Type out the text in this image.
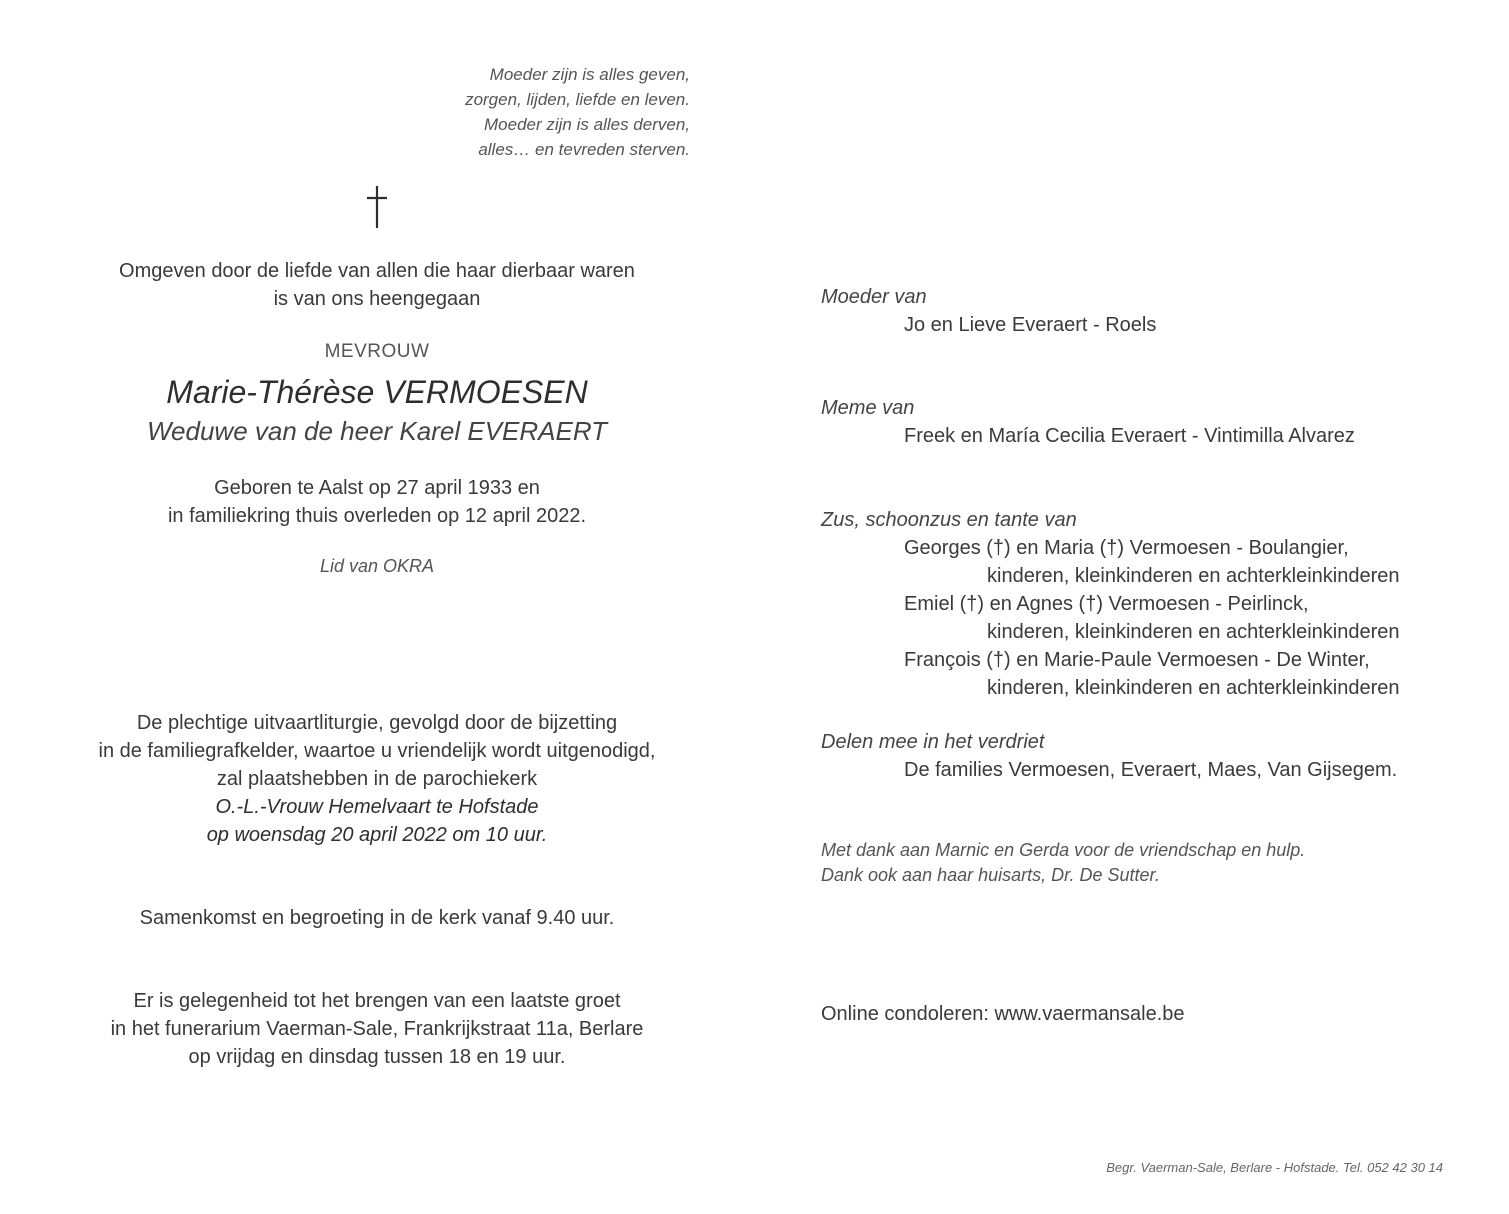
Moeder zijn is alles geven,
zorgen, lijden, liefde en leven.
Moeder zijn is alles derven,
alles… en tevreden sterven.
Omgeven door de liefde van allen die haar dierbaar waren
is van ons heengegaan
MEVROUW
Marie-Thérèse VERMOESEN
Weduwe van de heer Karel EVERAERT
Geboren te Aalst op 27 april 1933 en
in familiekring thuis overleden op 12 april 2022.
Lid van OKRA
De plechtige uitvaartliturgie, gevolgd door de bijzetting
in de familiegrafkelder, waartoe u vriendelijk wordt uitgenodigd,
zal plaatshebben in de parochiekerk
O.-L.-Vrouw Hemelvaart te Hofstade
op woensdag 20 april 2022 om 10 uur.
Samenkomst en begroeting in de kerk vanaf 9.40 uur.
Er is gelegenheid tot het brengen van een laatste groet
in het funerarium Vaerman-Sale, Frankrijkstraat 11a, Berlare
op vrijdag en dinsdag tussen 18 en 19 uur.
Moeder van
Jo en Lieve Everaert - Roels
Meme van
Freek en María Cecilia Everaert - Vintimilla Alvarez
Zus, schoonzus en tante van
Georges (†) en Maria (†) Vermoesen - Boulangier,
kinderen, kleinkinderen en achterkleinkinderen
Emiel (†) en Agnes (†) Vermoesen - Peirlinck,
kinderen, kleinkinderen en achterkleinkinderen
François (†) en Marie-Paule Vermoesen - De Winter,
kinderen, kleinkinderen en achterkleinkinderen
Delen mee in het verdriet
De families Vermoesen, Everaert, Maes, Van Gijsegem.
Met dank aan Marnic en Gerda voor de vriendschap en hulp.
Dank ook aan haar huisarts, Dr. De Sutter.
Online condoleren: www.vaermansale.be
Begr. Vaerman-Sale, Berlare - Hofstade. Tel. 052 42 30 14
